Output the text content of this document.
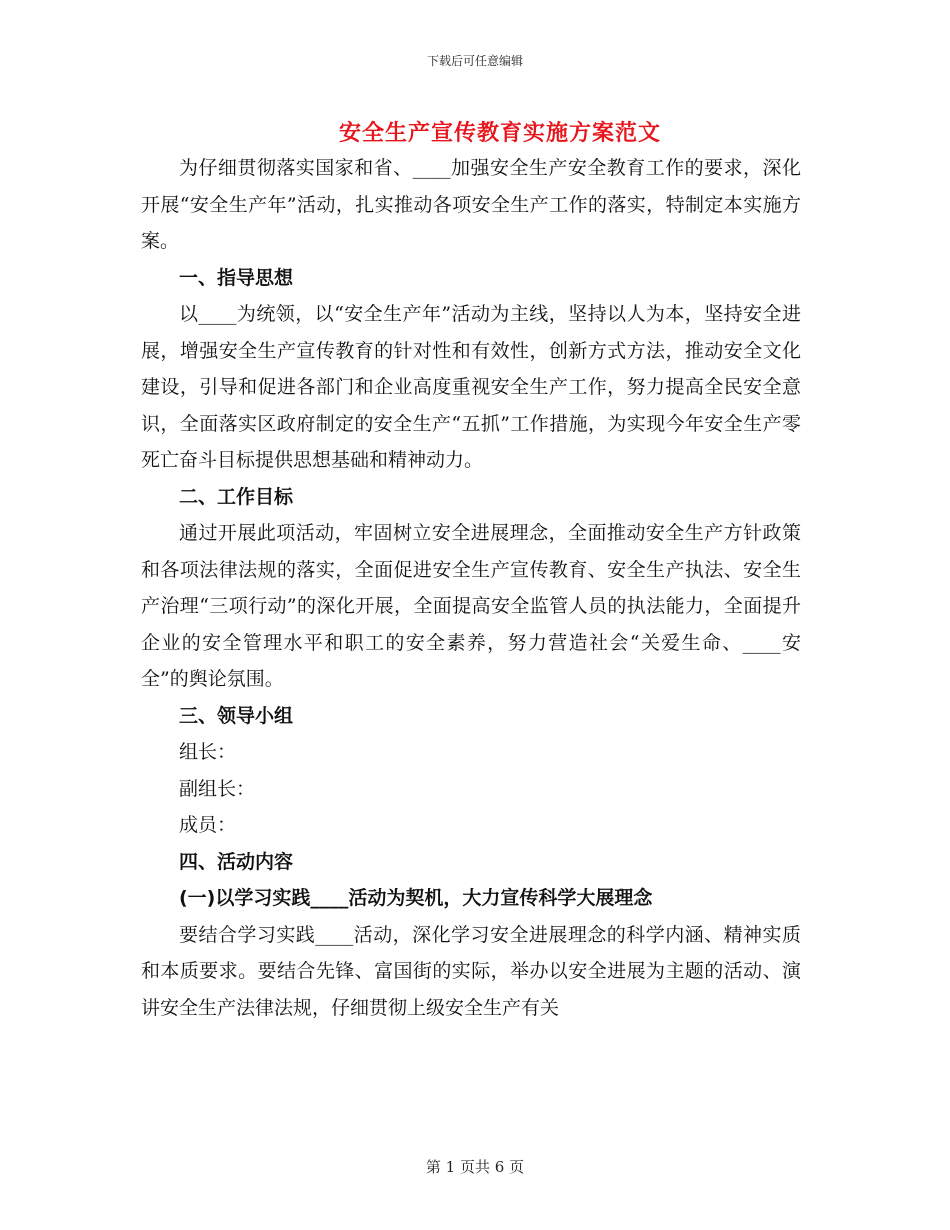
下载后可任意编辑
安全生产宣传教育实施方案范文

为仔细贯彻落实国家和省、____加强安全生产安全教育工作的要求，深化开展“安全生产年”活动，扎实推动各项安全生产工作的落实，特制定本实施方案。

一、指导思想

以____为统领，以“安全生产年”活动为主线，坚持以人为本，坚持安全进展，增强安全生产宣传教育的针对性和有效性，创新方式方法，推动安全文化建设，引导和促进各部门和企业高度重视安全生产工作，努力提高全民安全意识，全面落实区政府制定的安全生产“五抓”工作措施，为实现今年安全生产零死亡奋斗目标提供思想基础和精神动力。

二、工作目标

通过开展此项活动，牢固树立安全进展理念，全面推动安全生产方针政策和各项法律法规的落实，全面促进安全生产宣传教育、安全生产执法、安全生产治理“三项行动”的深化开展，全面提高安全监管人员的执法能力，全面提升企业的安全管理水平和职工的安全素养，努力营造社会“关爱生命、____安全”的舆论氛围。

三、领导小组

组长：

副组长：

成员：

四、活动内容

(一)以学习实践____活动为契机，大力宣传科学大展理念

要结合学习实践____活动，深化学习安全进展理念的科学内涵、精神实质和本质要求。要结合先锋、富国街的实际，举办以安全进展为主题的活动、演讲安全生产法律法规，仔细贯彻上级安全生产有关

第 1 页共 6 页
